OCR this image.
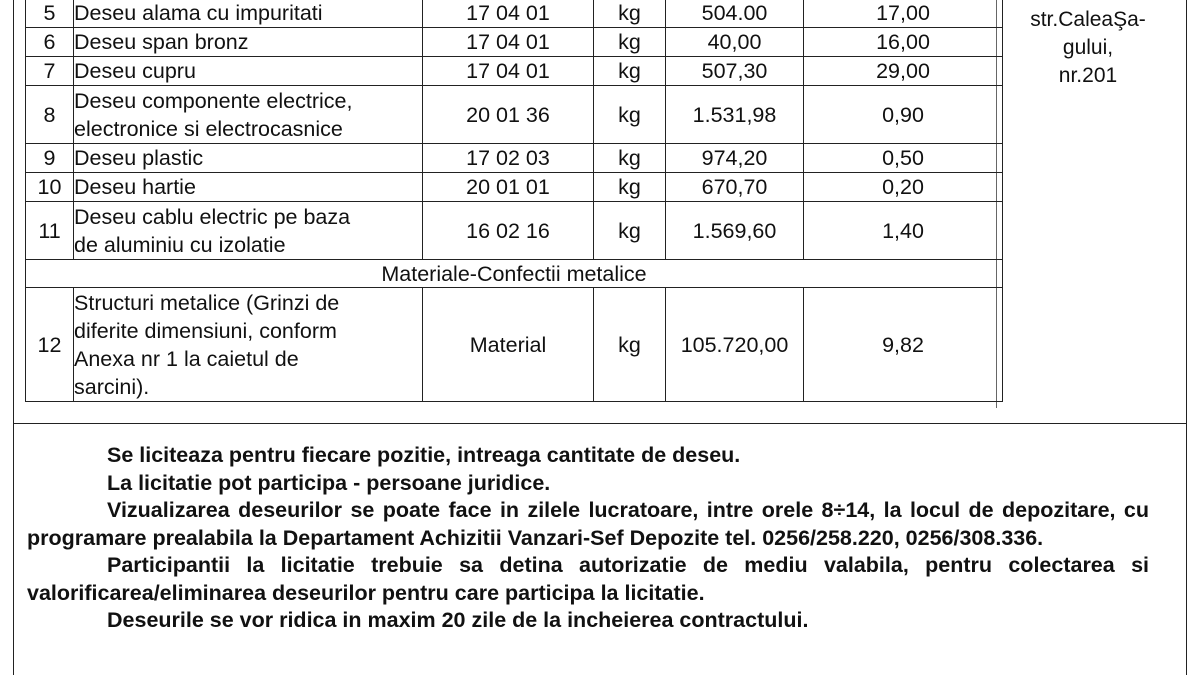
5	Deseu alama cu impuritati	17 04 01	kg	504.00	17,00
6	Deseu span bronz	17 04 01	kg	40,00	16,00
7	Deseu cupru	17 04 01	kg	507,30	29,00
8	Deseu componente electrice,
electronice si electrocasnice	20 01 36	kg	1.531,98	0,90
9	Deseu plastic	17 02 03	kg	974,20	0,50
10	Deseu hartie	20 01 01	kg	670,70	0,20
11	Deseu cablu electric pe baza
de aluminiu cu izolatie	16 02 16	kg	1.569,60	1,40
Materiale-Confectii metalice					
12	Structuri metalice (Grinzi de
diferite dimensiuni, conform
Anexa nr 1 la caietul de
sarcini).	Material	kg	105.720,00	9,82
str.CaleaŞa-
gului,
nr.201

Se liciteaza pentru fiecare pozitie, intreaga cantitate de deseu.

La licitatie pot participa - persoane juridice.

Vizualizarea deseurilor se poate face in zilele lucratoare, intre orele 8÷14, la locul de depozitare, cu programare prealabila la Departament Achizitii Vanzari-Sef Depozite tel. 0256/258.220, 0256/308.336.

Participantii la licitatie trebuie sa detina autorizatie de mediu valabila, pentru colectarea si valorificarea/eliminarea deseurilor pentru care participa la licitatie.

Deseurile se vor ridica in maxim 20 zile de la incheierea contractului.
